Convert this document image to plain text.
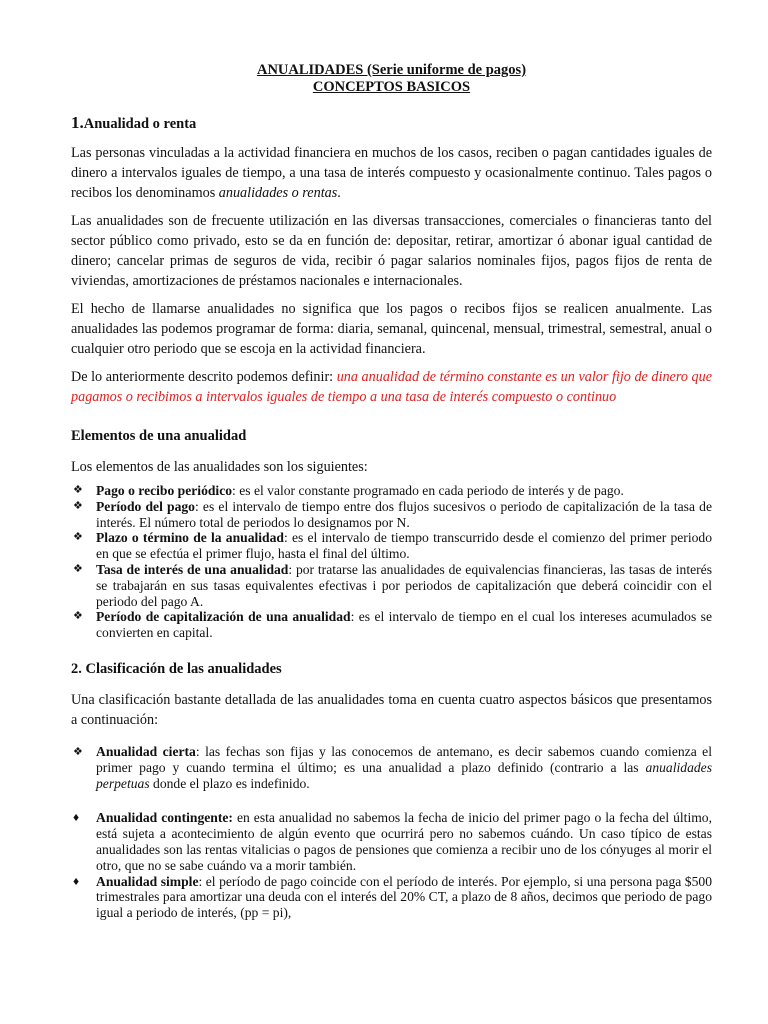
ANUALIDADES (Serie uniforme de pagos)
CONCEPTOS BASICOS
1.Anualidad o renta

Las personas vinculadas a la actividad financiera en muchos de los casos, reciben o pagan cantidades iguales de dinero a intervalos iguales de tiempo, a una tasa de interés compuesto y ocasionalmente continuo. Tales pagos o recibos los denominamos anualidades o rentas.

Las anualidades son de frecuente utilización en las diversas transacciones, comerciales o financieras tanto del sector público como privado, esto se da en función de: depositar, retirar, amortizar ó abonar igual cantidad de dinero; cancelar primas de seguros de vida, recibir ó pagar salarios nominales fijos, pagos fijos de renta de viviendas, amortizaciones de préstamos nacionales e internacionales.

El hecho de llamarse anualidades no significa que los pagos o recibos fijos se realicen anualmente. Las anualidades las podemos programar de forma: diaria, semanal, quincenal, mensual, trimestral, semestral, anual o cualquier otro periodo que se escoja en la actividad financiera.

De lo anteriormente descrito podemos definir: una anualidad de término constante es un valor fijo de dinero que pagamos o recibimos a intervalos iguales de tiempo a una tasa de interés compuesto o continuo

Elementos de una anualidad

Los elementos de las anualidades son los siguientes:

❖ Pago o recibo periódico: es el valor constante programado en cada periodo de interés y de pago.
❖ Período del pago: es el intervalo de tiempo entre dos flujos sucesivos o periodo de capitalización de la tasa de interés. El número total de periodos lo designamos por N.
❖ Plazo o término de la anualidad: es el intervalo de tiempo transcurrido desde el comienzo del primer periodo en que se efectúa el primer flujo, hasta el final del último.
❖ Tasa de interés de una anualidad: por tratarse las anualidades de equivalencias financieras, las tasas de interés se trabajarán en sus tasas equivalentes efectivas i por periodos de capitalización que deberá coincidir con el periodo del pago A.
❖ Período de capitalización de una anualidad: es el intervalo de tiempo en el cual los intereses acumulados se convierten en capital.
2. Clasificación de las anualidades

Una clasificación bastante detallada de las anualidades toma en cuenta cuatro aspectos básicos que presentamos a continuación:

❖ Anualidad cierta: las fechas son fijas y las conocemos de antemano, es decir sabemos cuando comienza el primer pago y cuando termina el último; es una anualidad a plazo definido (contrario a las anualidades perpetuas donde el plazo es indefinido.
♦ Anualidad contingente: en esta anualidad no sabemos la fecha de inicio del primer pago o la fecha del último, está sujeta a acontecimiento de algún evento que ocurrirá pero no sabemos cuándo. Un caso típico de estas anualidades son las rentas vitalicias o pagos de pensiones que comienza a recibir uno de los cónyuges al morir el otro, que no se sabe cuándo va a morir también.
♦ Anualidad simple: el período de pago coincide con el período de interés. Por ejemplo, si una persona paga $500 trimestrales para amortizar una deuda con el interés del 20% CT, a plazo de 8 años, decimos que periodo de pago igual a periodo de interés, (pp = pi),
